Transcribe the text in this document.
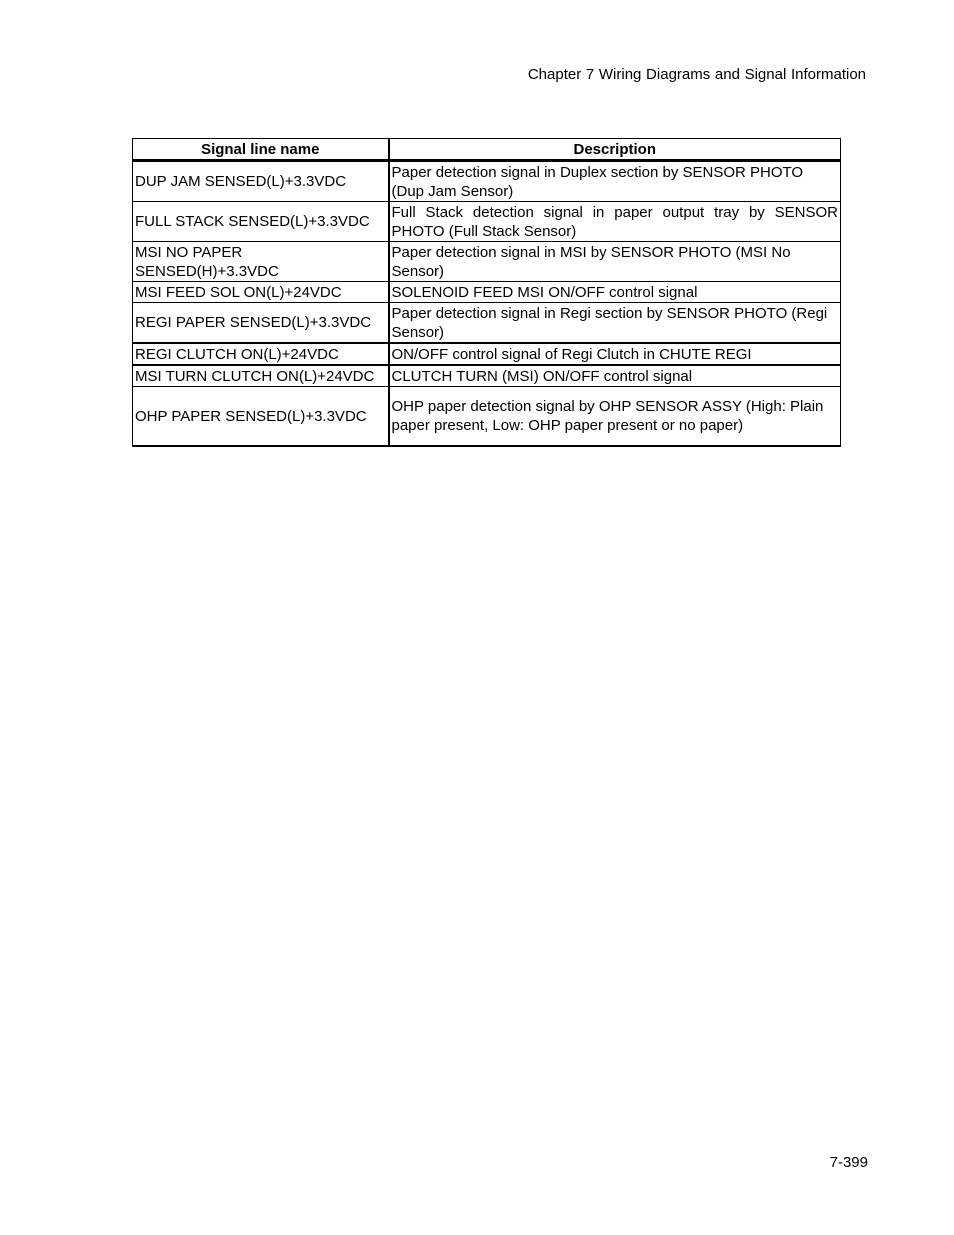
Chapter 7 Wiring Diagrams and Signal Information
Signal line name	Description
DUP JAM SENSED(L)+3.3VDC	Paper detection signal in Duplex section by SENSOR PHOTO (Dup Jam Sensor)
FULL STACK SENSED(L)+3.3VDC	Full Stack detection signal in paper output tray by SENSOR PHOTO (Full Stack Sensor)
MSI NO PAPER SENSED(H)+3.3VDC	Paper detection signal in MSI by SENSOR PHOTO (MSI No Sensor)
MSI FEED SOL ON(L)+24VDC	SOLENOID FEED MSI ON/OFF control signal
REGI PAPER SENSED(L)+3.3VDC	Paper detection signal in Regi section by SENSOR PHOTO (Regi Sensor)
REGI CLUTCH ON(L)+24VDC	ON/OFF control signal of Regi Clutch in CHUTE REGI
MSI TURN CLUTCH ON(L)+24VDC	CLUTCH TURN (MSI) ON/OFF control signal
OHP PAPER SENSED(L)+3.3VDC	OHP paper detection signal by OHP SENSOR ASSY (High: Plain paper present, Low: OHP paper present or no paper)
7-399
